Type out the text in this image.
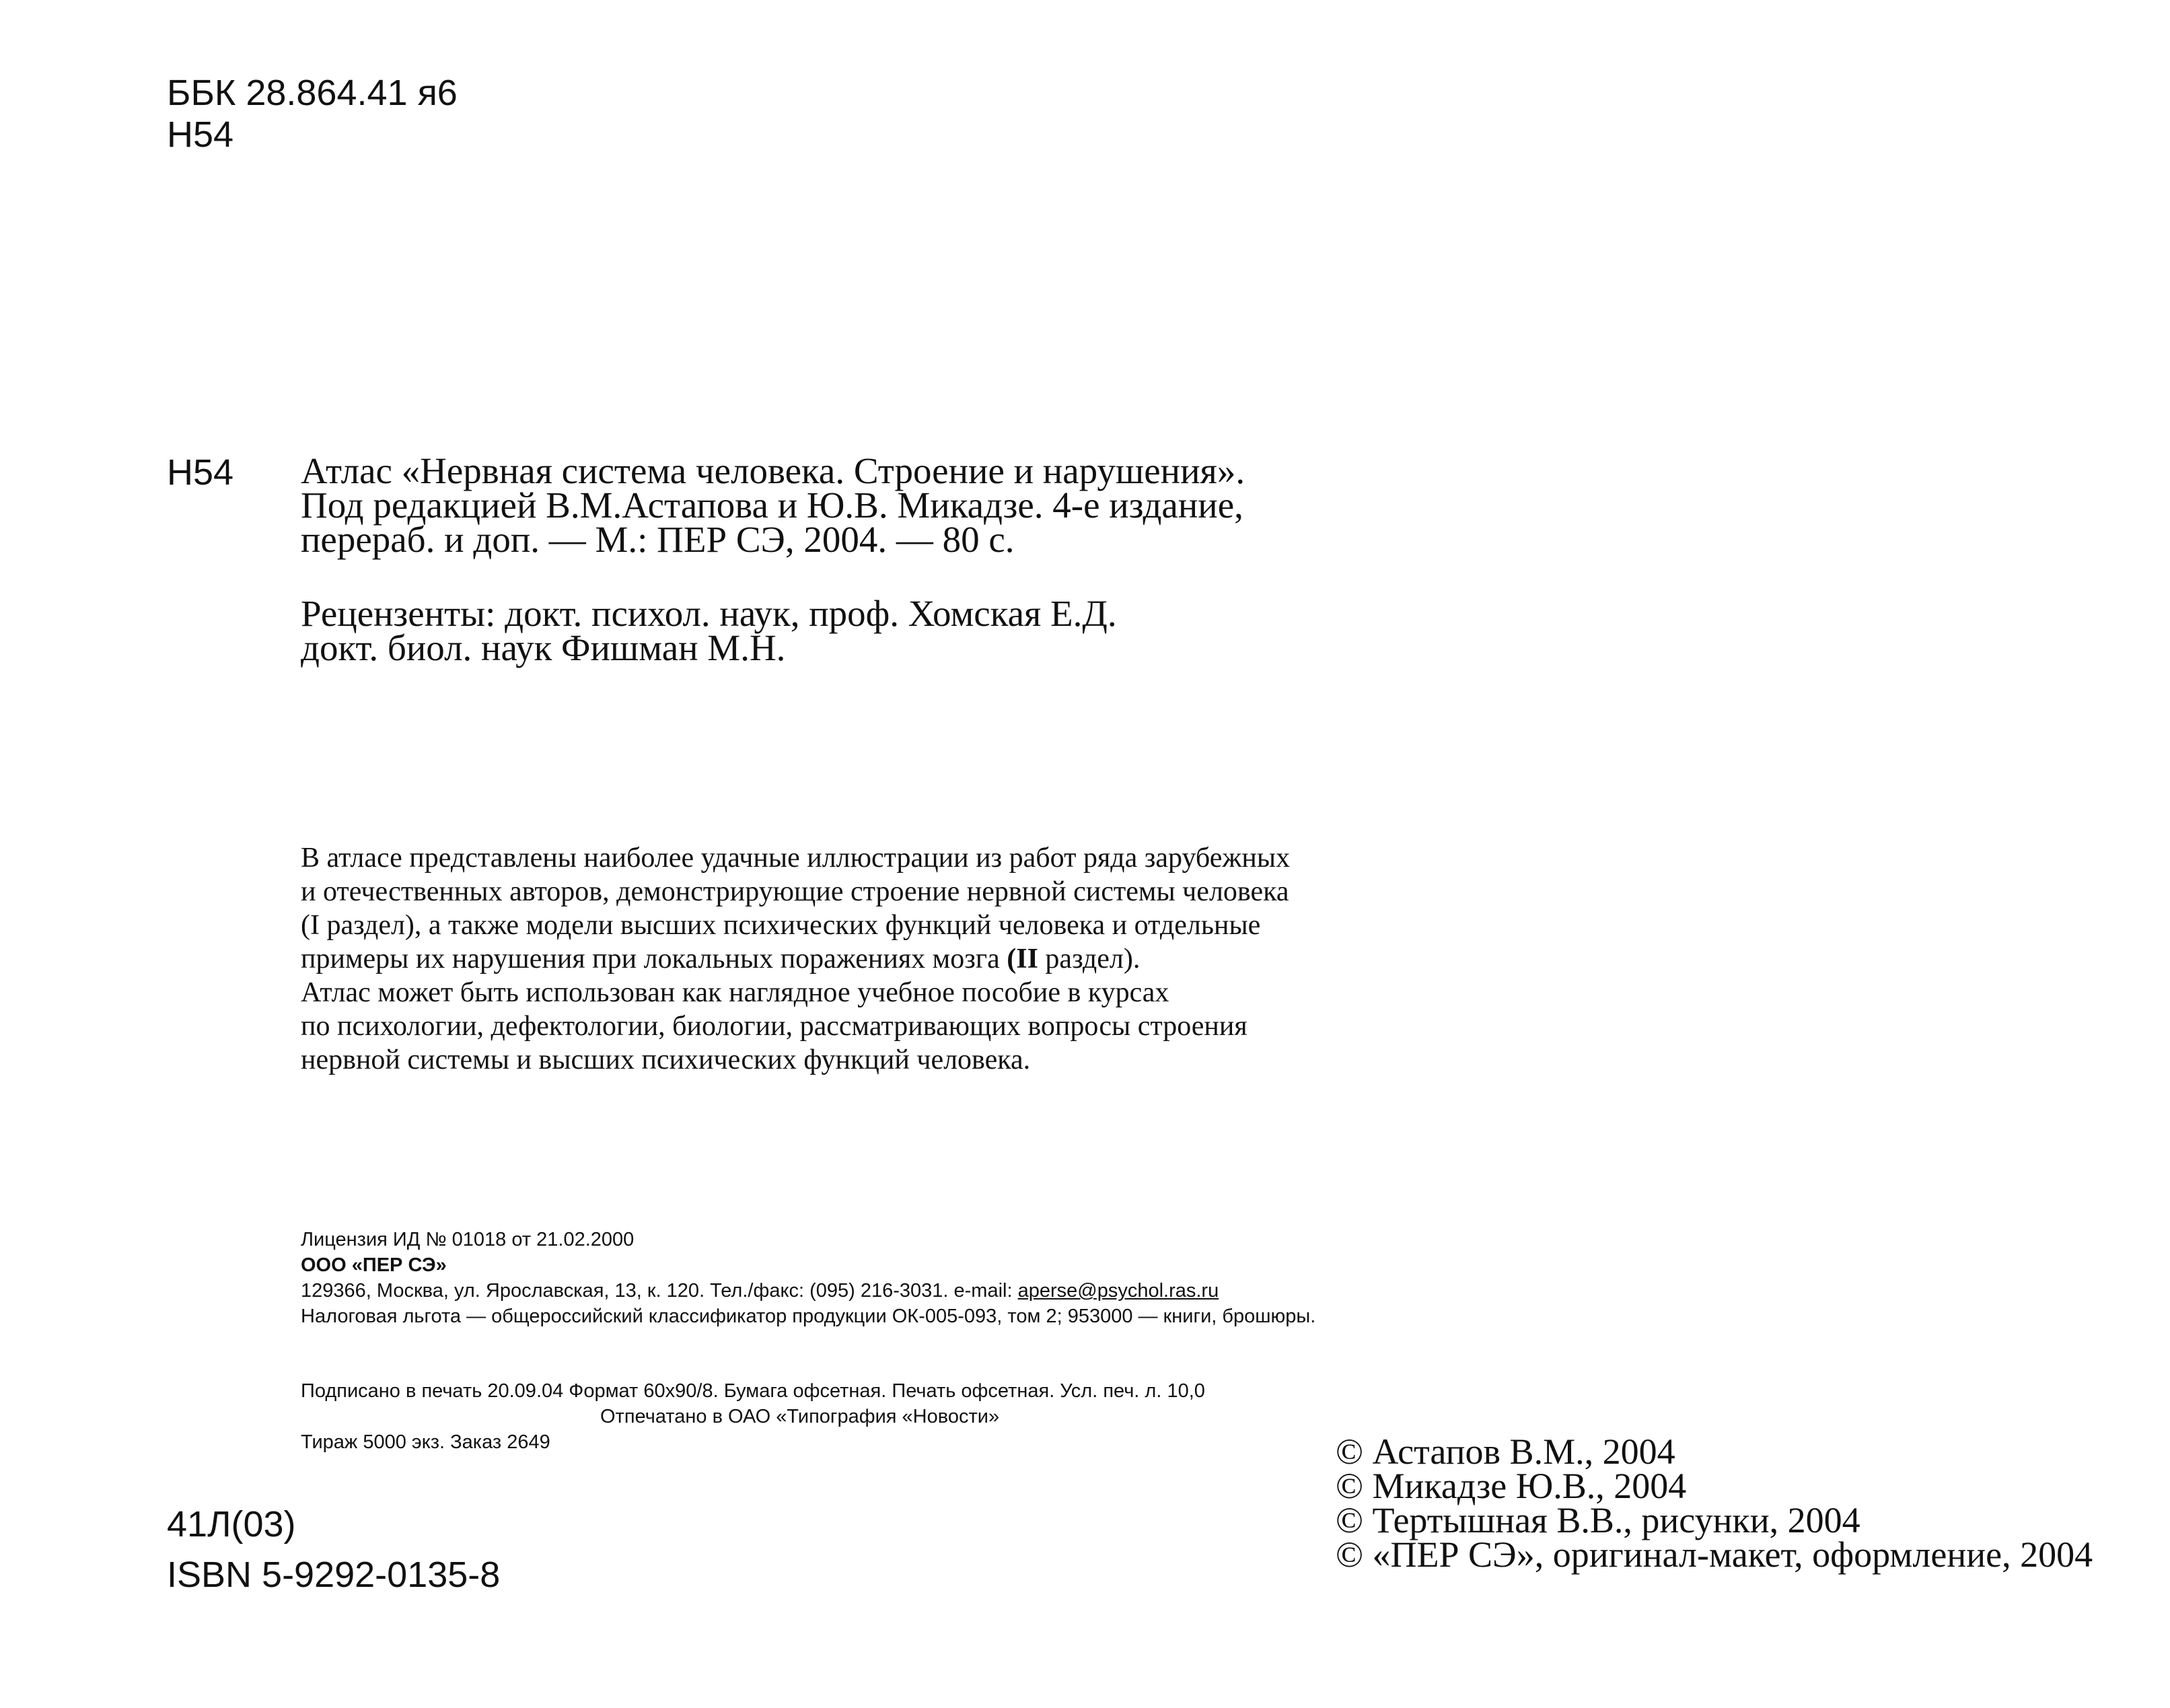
ББК 28.864.41 я6
Н54
Н54 Атлас «Нервная система человека. Строение и нарушения».
Под редакцией В.М.Астапова и Ю.В. Микадзе. 4-е издание,
перераб. и доп. — М.: ПЕР СЭ, 2004. — 80 с.
Рецензенты: докт. психол. наук, проф. Хомская Е.Д.
докт. биол. наук Фишман М.Н.
В атласе представлены наиболее удачные иллюстрации из работ ряда зарубежных
и отечественных авторов, демонстрирующие строение нервной системы человека
(I раздел), а также модели высших психических функций человека и отдельные
примеры их нарушения при локальных поражениях мозга (II раздел).
Атлас может быть использован как наглядное учебное пособие в курсах
по психологии, дефектологии, биологии, рассматривающих вопросы строения
нервной системы и высших психических функций человека.
Лицензия ИД № 01018 от 21.02.2000
ООО «ПЕР СЭ»
129366, Москва, ул. Ярославская, 13, к. 120. Тел./факс: (095) 216-3031. e-mail: aperse@psychol.ras.ru
Налоговая льгота — общероссийский классификатор продукции ОК-005-093, том 2; 953000 — книги, брошюры.
Подписано в печать 20.09.04 Формат 60x90/8. Бумага офсетная. Печать офсетная. Усл. печ. л. 10,0
Отпечатано в ОАО «Типография «Новости»
Тираж 5000 экз. Заказ 2649
41Л(03)
ISBN 5-9292-0135-8
© Астапов В.М., 2004
© Микадзе Ю.В., 2004
© Тертышная В.В., рисунки, 2004
© «ПЕР СЭ», оригинал-макет, оформление, 2004
